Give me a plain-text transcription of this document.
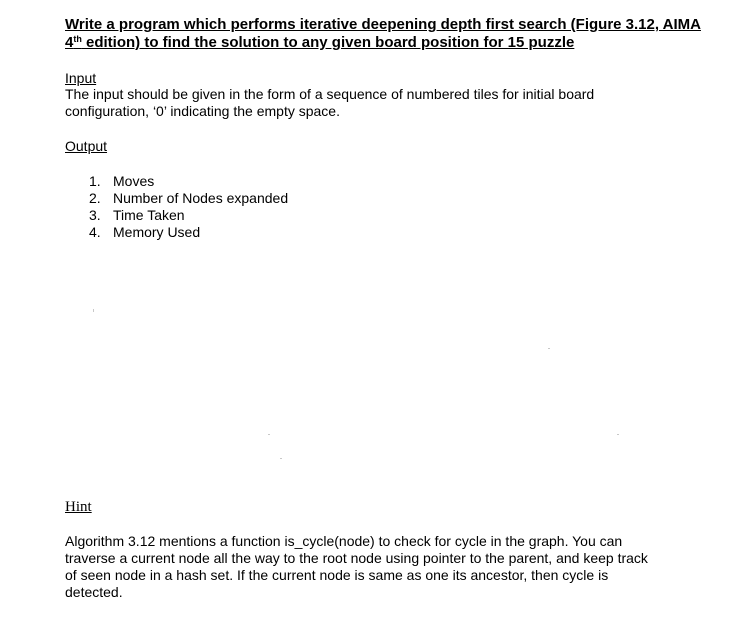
Write a program which performs iterative deepening depth first search (Figure 3.12, AIMA
4th edition) to find the solution to any given board position for 15 puzzle
Input
The input should be given in the form of a sequence of numbered tiles for initial board
configuration, ‘0’ indicating the empty space.
Output
1. Moves
2. Number of Nodes expanded
3. Time Taken
4. Memory Used
Hint
Algorithm 3.12 mentions a function is_cycle(node) to check for cycle in the graph. You can
traverse a current node all the way to the root node using pointer to the parent, and keep track
of seen node in a hash set. If the current node is same as one its ancestor, then cycle is
detected.
